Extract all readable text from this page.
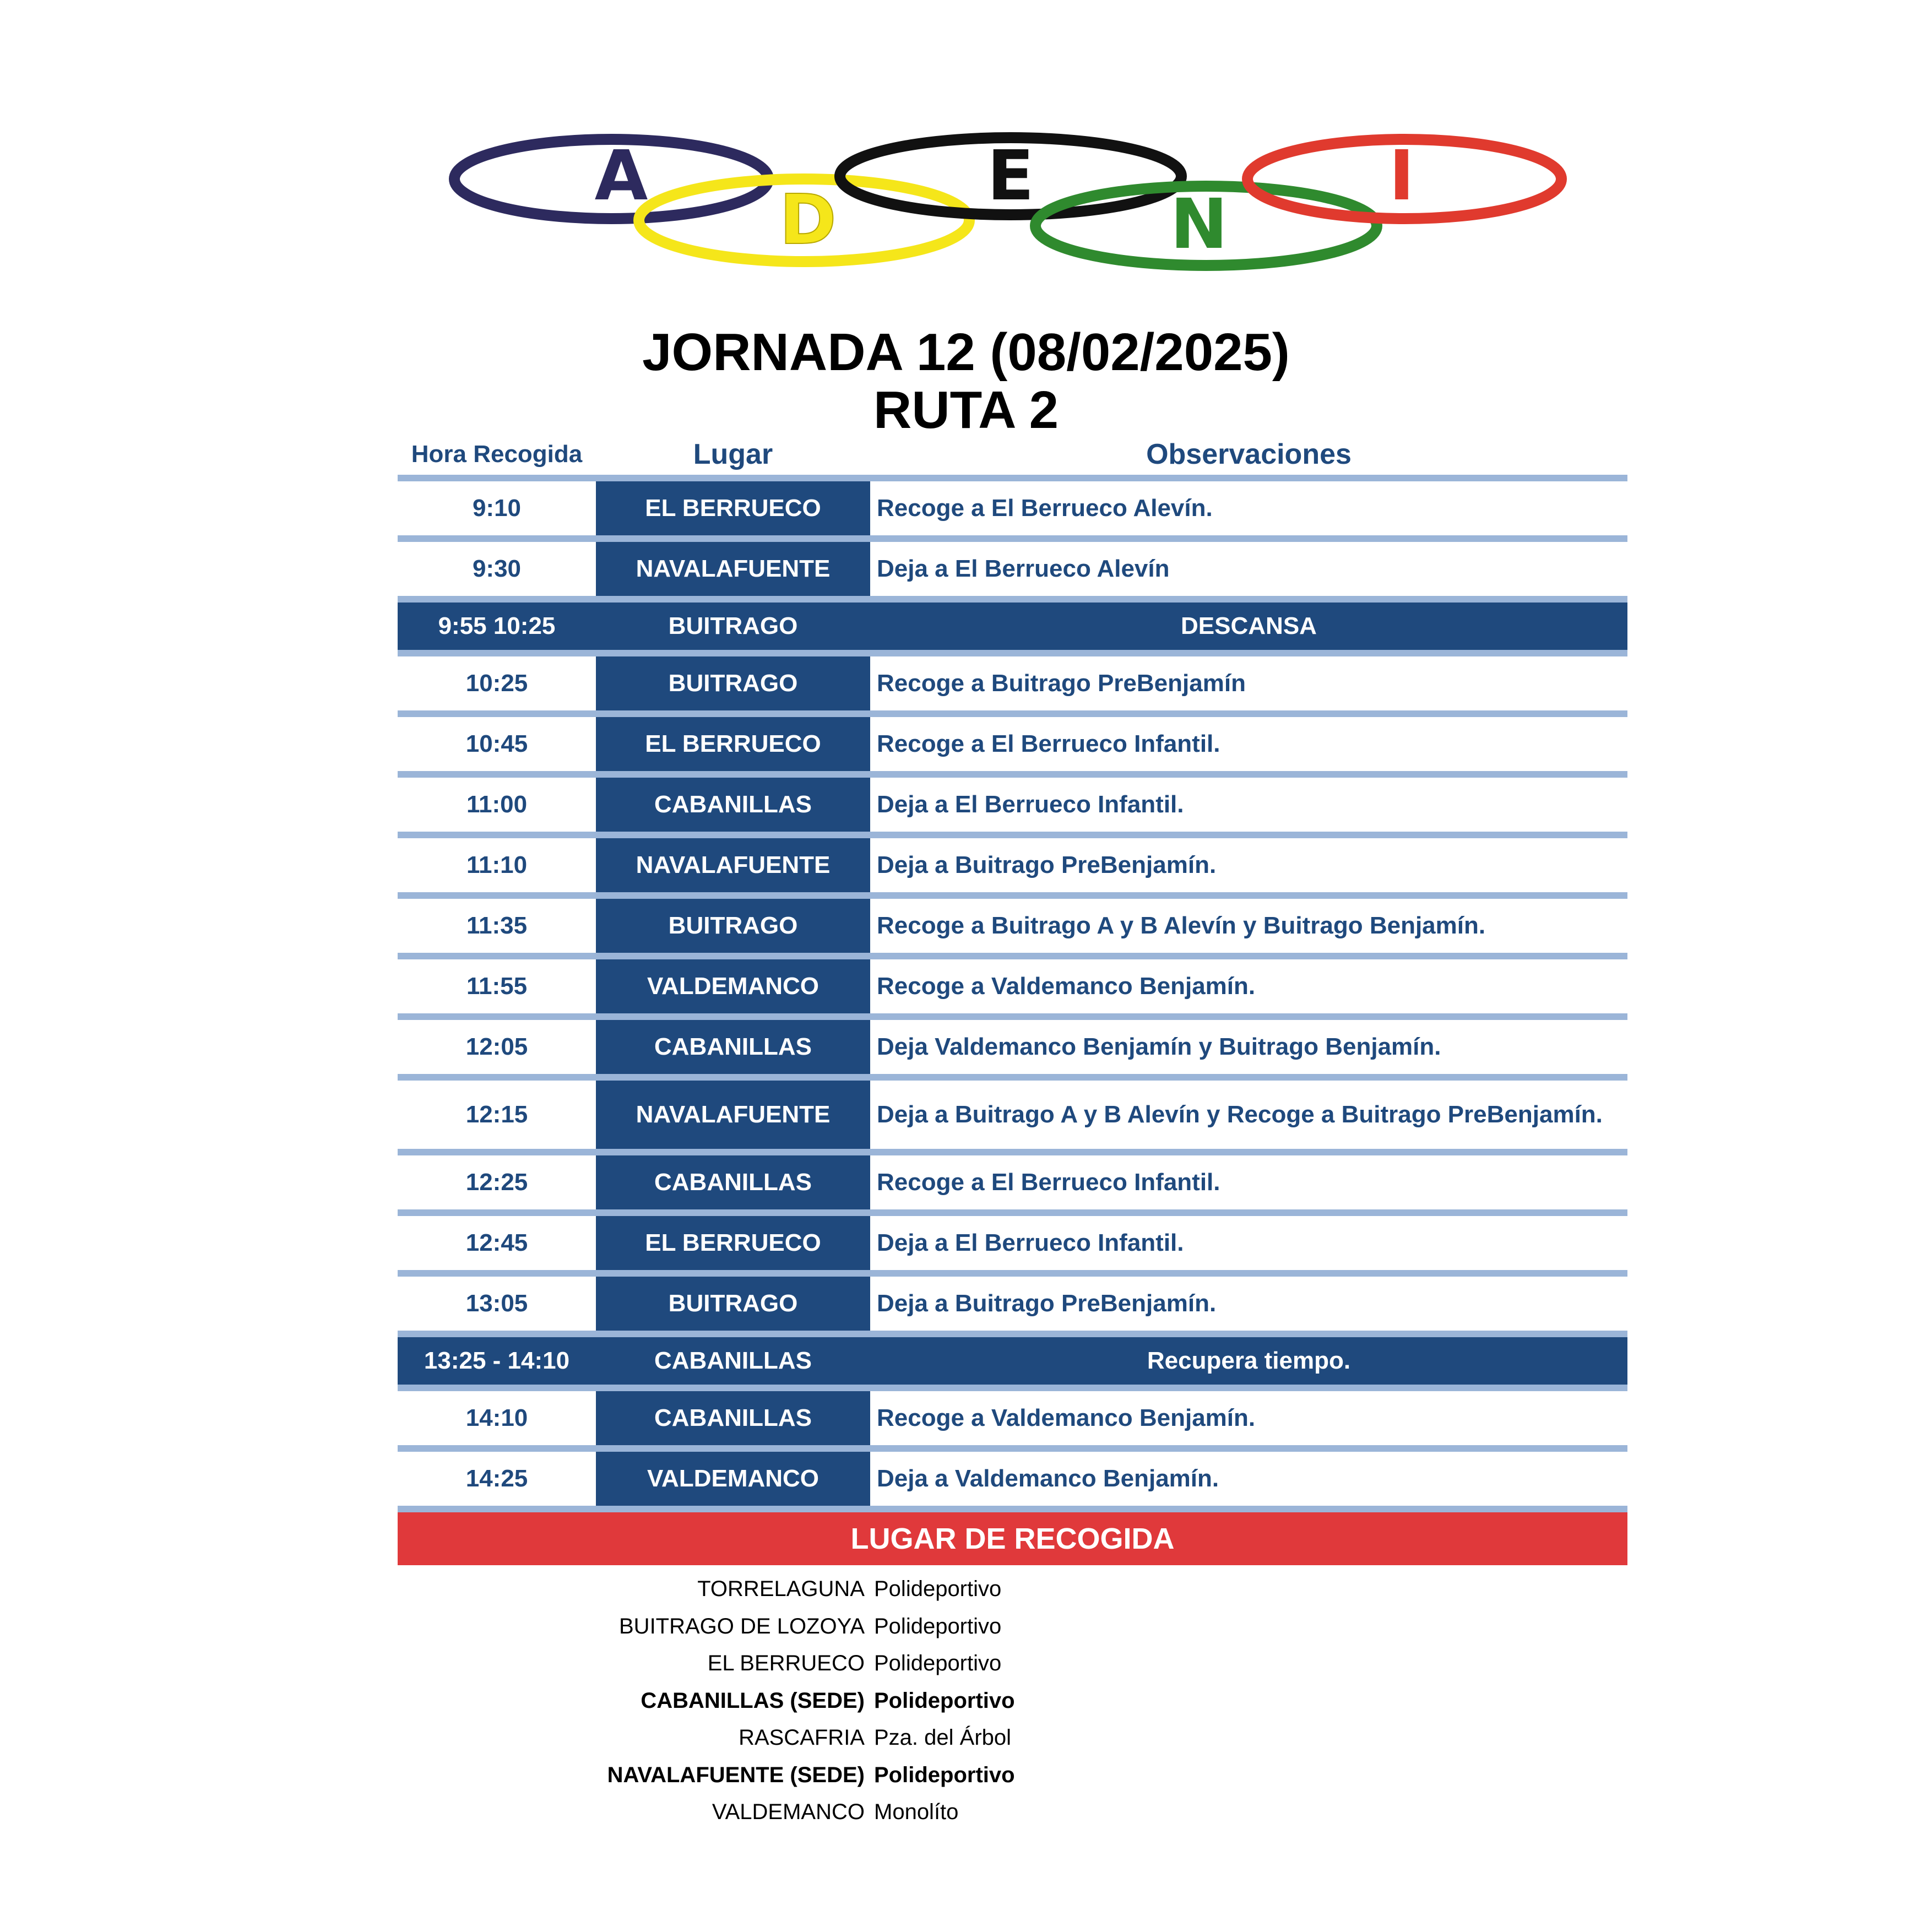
A
D
E
N
I
JORNADA 12 (08/02/2025)
RUTA 2
Hora Recogida	Lugar	Observaciones
9:10	EL BERRUECO	Recoge a El Berrueco Alevín.
9:30	NAVALAFUENTE	Deja a El Berrueco Alevín
9:55 10:25	BUITRAGO	DESCANSA
10:25	BUITRAGO	Recoge a Buitrago PreBenjamín
10:45	EL BERRUECO	Recoge a El Berrueco Infantil.
11:00	CABANILLAS	Deja a El Berrueco Infantil.
11:10	NAVALAFUENTE	Deja a Buitrago PreBenjamín.
11:35	BUITRAGO	Recoge a Buitrago A y B Alevín y Buitrago Benjamín.
11:55	VALDEMANCO	Recoge a Valdemanco Benjamín.
12:05	CABANILLAS	Deja Valdemanco Benjamín y Buitrago Benjamín.
12:15	NAVALAFUENTE	Deja a Buitrago A y B Alevín y Recoge a Buitrago PreBenjamín.
12:25	CABANILLAS	Recoge a El Berrueco Infantil.
12:45	EL BERRUECO	Deja a El Berrueco Infantil.
13:05	BUITRAGO	Deja a Buitrago PreBenjamín.
13:25 - 14:10	CABANILLAS	Recupera tiempo.
14:10	CABANILLAS	Recoge a Valdemanco Benjamín.
14:25	VALDEMANCO	Deja a Valdemanco Benjamín.
LUGAR DE RECOGIDA
TORRELAGUNA Polideportivo
BUITRAGO DE LOZOYA Polideportivo
EL BERRUECO Polideportivo
CABANILLAS (SEDE) Polideportivo
RASCAFRIA Pza. del Árbol
NAVALAFUENTE (SEDE) Polideportivo
VALDEMANCO Monolíto
